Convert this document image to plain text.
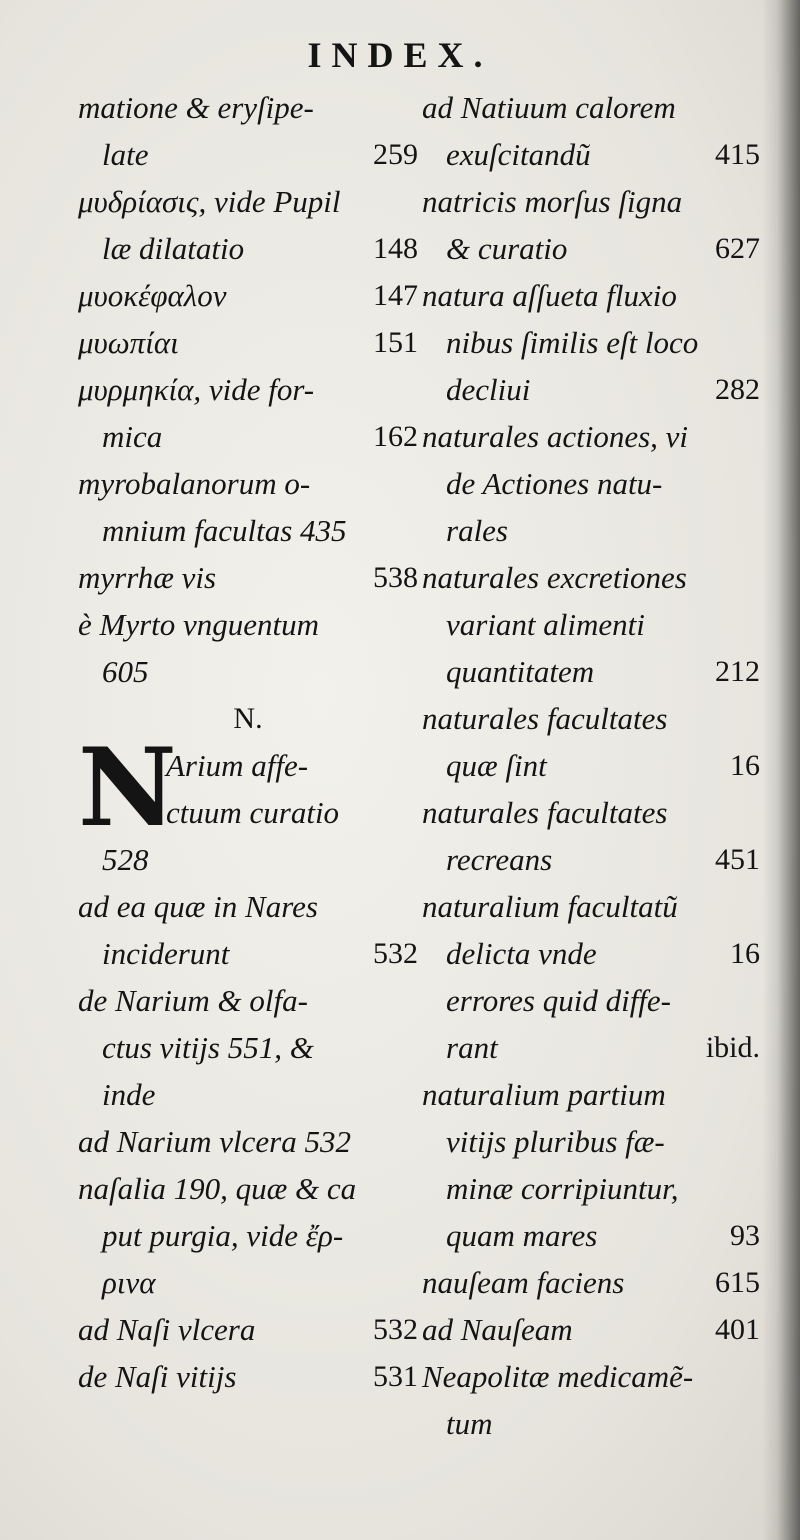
INDEX.
matione & eryſipe-
late	259
μυδρίασις, vide Pupil
læ dilatatio	148
μυοκέφαλον	147
μυωπίαι	151
μυρμηκία, vide for-
mica	162
myrobalanorum o-
mnium facultas 435
myrrhæ vis	538
è Myrto vnguentum
605
N.
N
Arium affe-
ctuum curatio
528
ad ea quæ in Nares
inciderunt	532
de Narium & olfa-
ctus vitijs 551, &
inde
ad Narium vlcera 532
naſalia 190, quæ & ca
put purgia, vide ἔρ-
ρινα
ad Naſi vlcera	532
de Naſi vitijs	531
ad Natiuum calorem
exuſcitandũ	415
natricis morſus ſigna
& curatio	627
natura aſſueta fluxio
nibus ſimilis eſt loco
decliui	282
naturales actiones, vi
de Actiones natu-
rales
naturales excretiones
variant alimenti
quantitatem	212
naturales facultates
quæ ſint	16
naturales facultates
recreans	451
naturalium facultatũ
delicta vnde	16
errores quid diffe-
rant	ibid.
naturalium partium
vitijs pluribus fæ-
minæ corripiuntur,
quam mares	93
nauſeam faciens	615
ad Nauſeam	401
Neapolitæ medicamẽ-
tum
